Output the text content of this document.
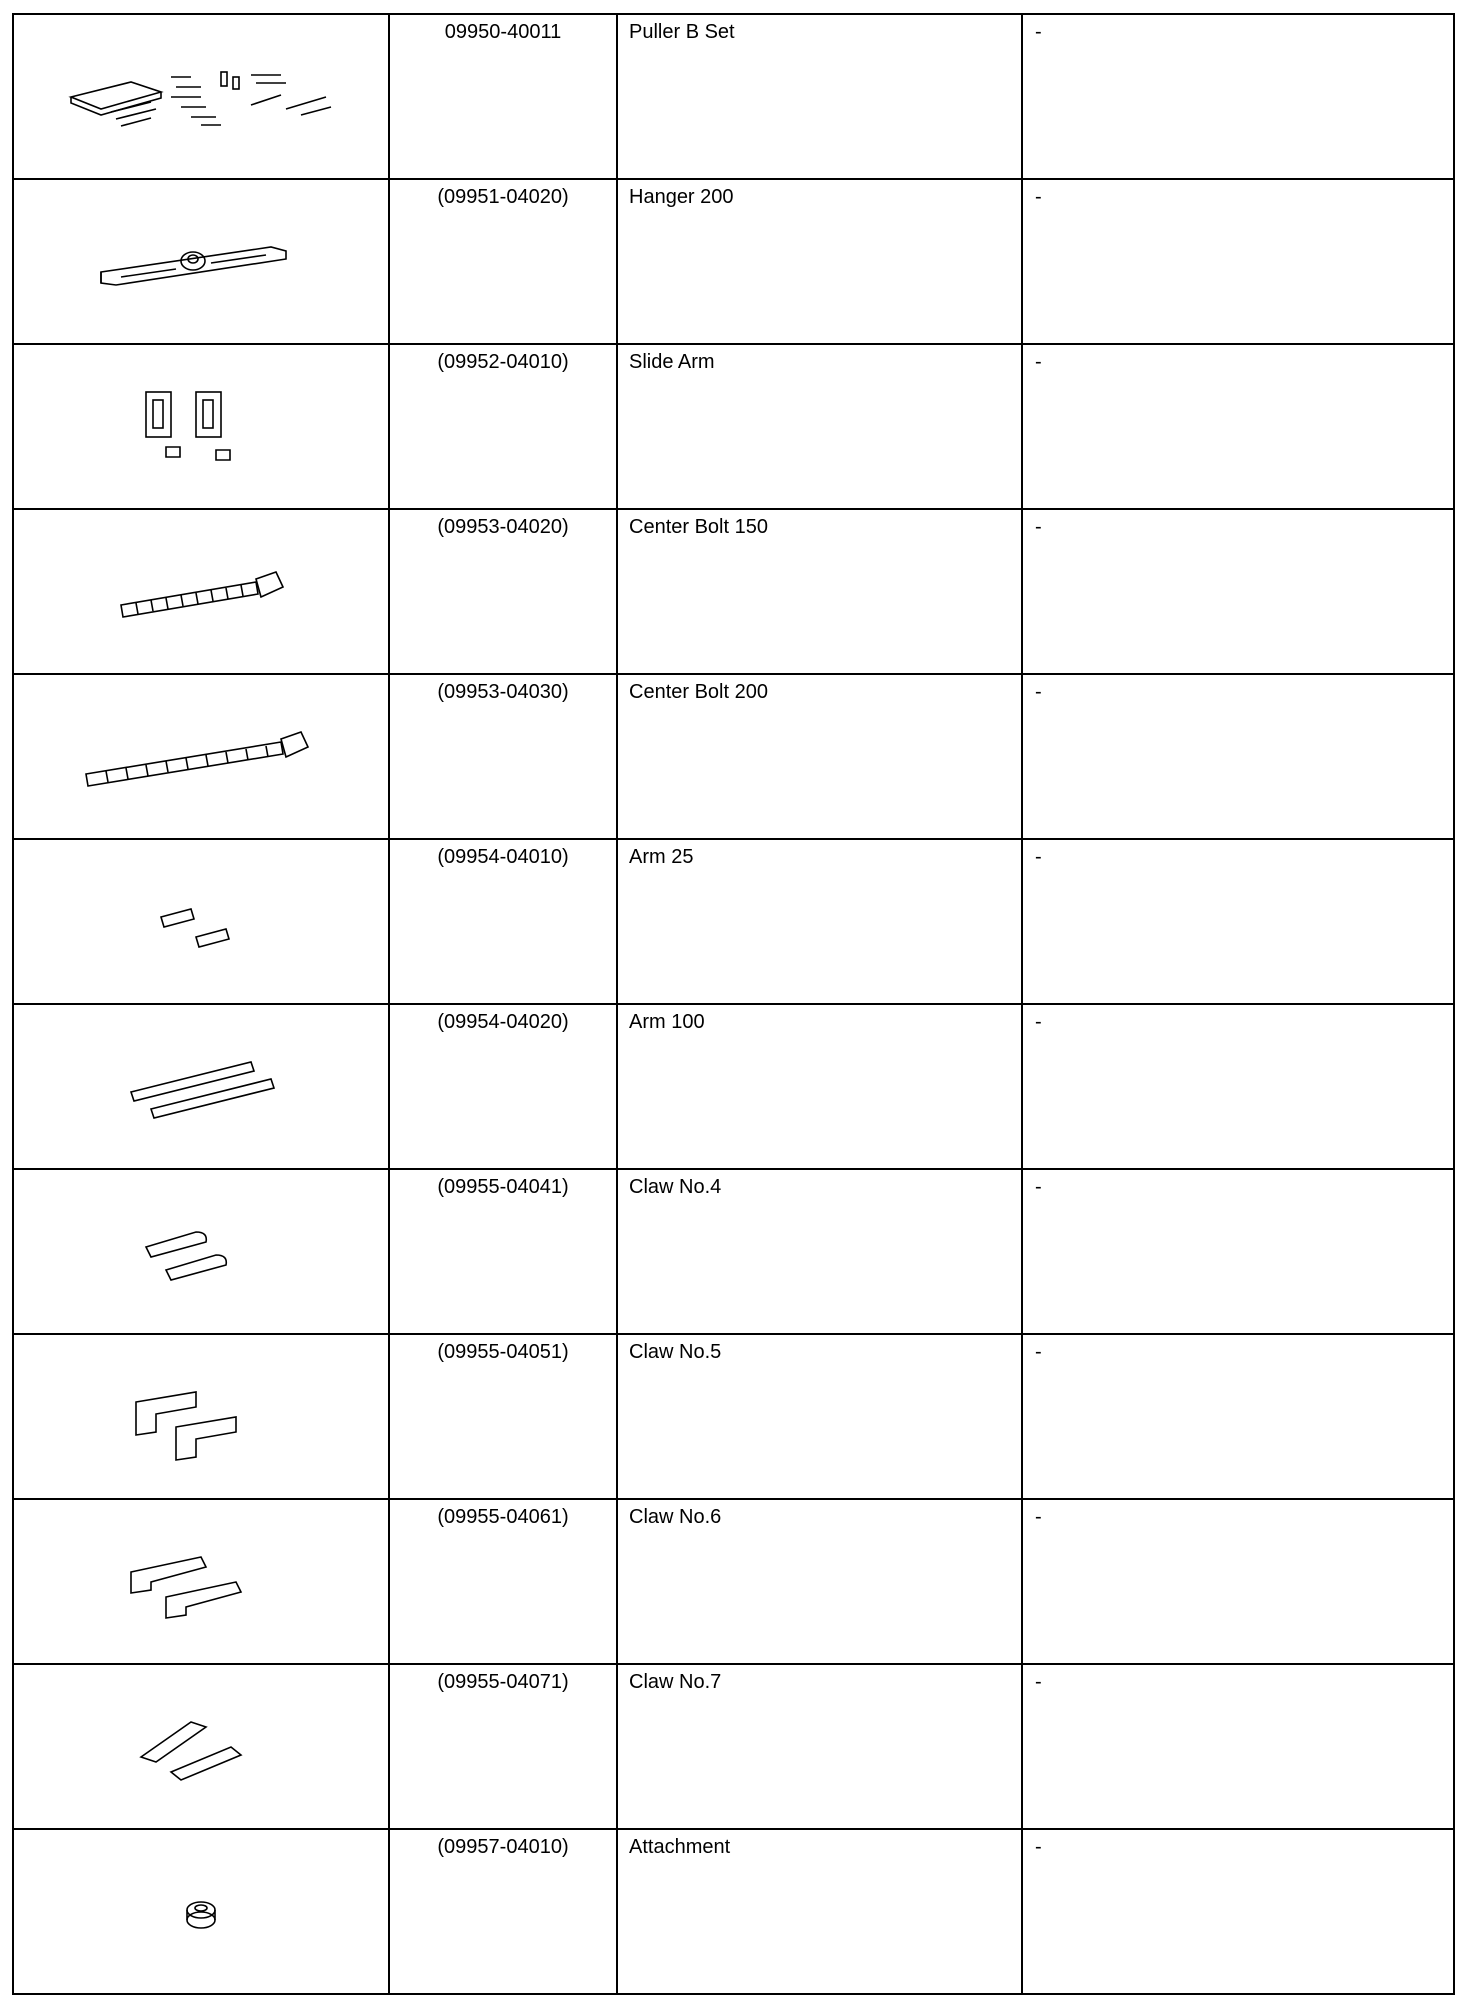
	09950-40011	Puller B Set	-

	(09951-04020)	Hanger 200	-

	(09952-04010)	Slide Arm	-

	(09953-04020)	Center Bolt 150	-

	(09953-04030)	Center Bolt 200	-

	(09954-04010)	Arm 25	-

	(09954-04020)	Arm 100	-

	(09955-04041)	Claw No.4	-

	(09955-04051)	Claw No.5	-

	(09955-04061)	Claw No.6	-

	(09955-04071)	Claw No.7	-

	(09957-04010)	Attachment	-
